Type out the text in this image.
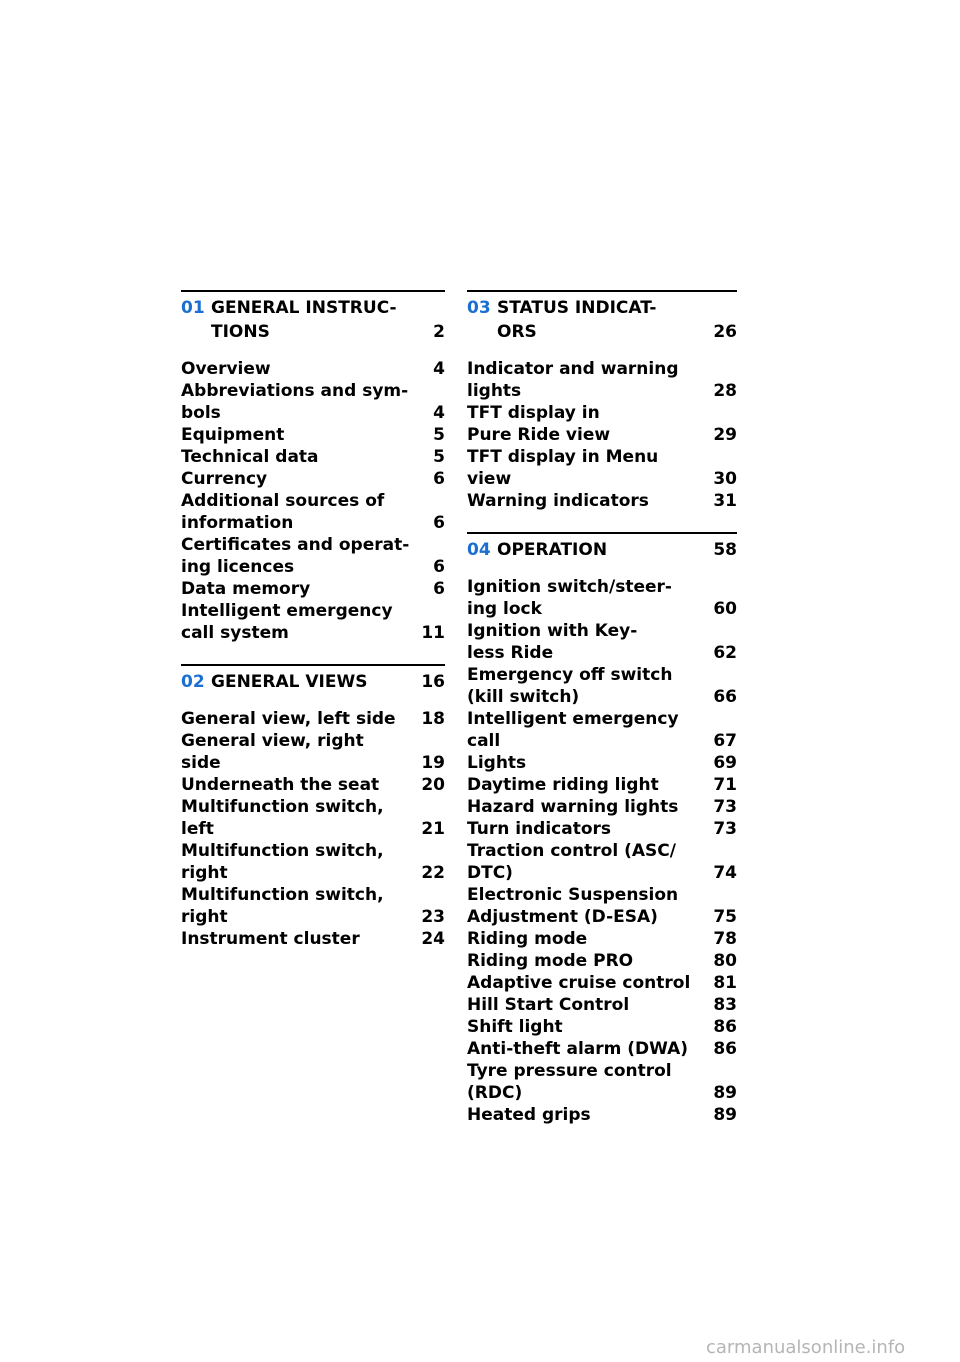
01 GENERAL INSTRUC-
TIONS	2
Overview	4
Abbreviations and sym-
bols	4
Equipment	5
Technical data	5
Currency	6
Additional sources of
information	6
Certificates and operat-
ing licences	6
Data memory	6
Intelligent emergency
call system	11
02 GENERAL VIEWS	16
General view, left side	18
General view, right
side	19
Underneath the seat	20
Multifunction switch,
left	21
Multifunction switch,
right	22
Multifunction switch,
right	23
Instrument cluster	24
03 STATUS INDICAT-
ORS	26
Indicator and warning
lights	28
TFT display in
Pure Ride view	29
TFT display in Menu
view	30
Warning indicators	31
04 OPERATION	58
Ignition switch/steer-
ing lock	60
Ignition with Key-
less Ride	62
Emergency off switch
(kill switch)	66
Intelligent emergency
call	67
Lights	69
Daytime riding light	71
Hazard warning lights	73
Turn indicators	73
Traction control (ASC/
DTC)	74
Electronic Suspension
Adjustment (D-ESA)	75
Riding mode	78
Riding mode PRO	80
Adaptive cruise control	81
Hill Start Control	83
Shift light	86
Anti-theft alarm (DWA)	86
Tyre pressure control
(RDC)	89
Heated grips	89
carmanualsonline.info
